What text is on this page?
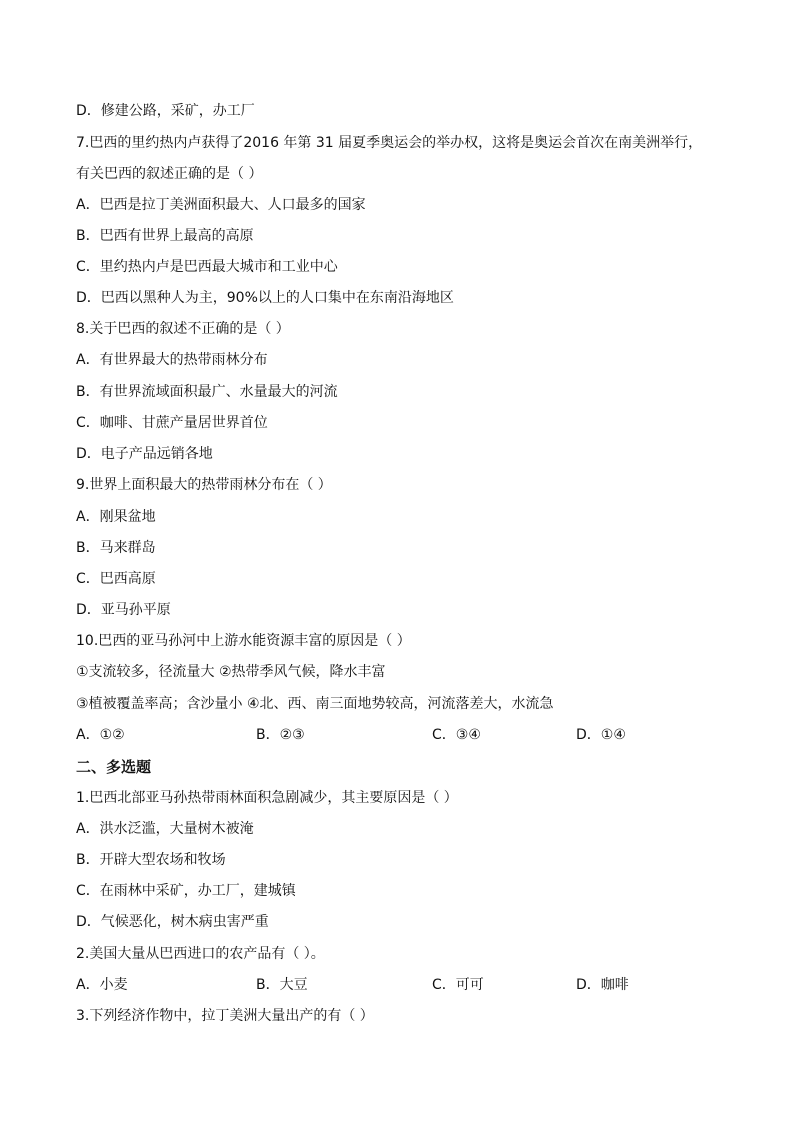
D．修建公路，采矿，办工厂
7.巴西的里约热内卢获得了2016 年第 31 届夏季奥运会的举办权，这将是奥运会首次在南美洲举行，
有关巴西的叙述正确的是（ ）
A．巴西是拉丁美洲面积最大、人口最多的国家
B．巴西有世界上最高的高原
C．里约热内卢是巴西最大城市和工业中心
D．巴西以黑种人为主，90%以上的人口集中在东南沿海地区
8.关于巴西的叙述不正确的是（ ）
A．有世界最大的热带雨林分布
B．有世界流域面积最广、水量最大的河流
C．咖啡、甘蔗产量居世界首位
D．电子产品远销各地
9.世界上面积最大的热带雨林分布在（ ）
A．刚果盆地
B．马来群岛
C．巴西高原
D．亚马孙平原
10.巴西的亚马孙河中上游水能资源丰富的原因是（ ）
①支流较多，径流量大 ②热带季风气候，降水丰富
③植被覆盖率高；含沙量小 ④北、西、南三面地势较高，河流落差大，水流急
A．①②	B．②③	C．③④	D．①④
二、多选题
1.巴西北部亚马孙热带雨林面积急剧减少，其主要原因是（ ）
A．洪水泛滥，大量树木被淹
B．开辟大型农场和牧场
C．在雨林中采矿，办工厂，建城镇
D．气候恶化，树木病虫害严重
2.美国大量从巴西进口的农产品有（ ）。
A．小麦	B．大豆	C．可可	D．咖啡
3.下列经济作物中，拉丁美洲大量出产的有（ ）
